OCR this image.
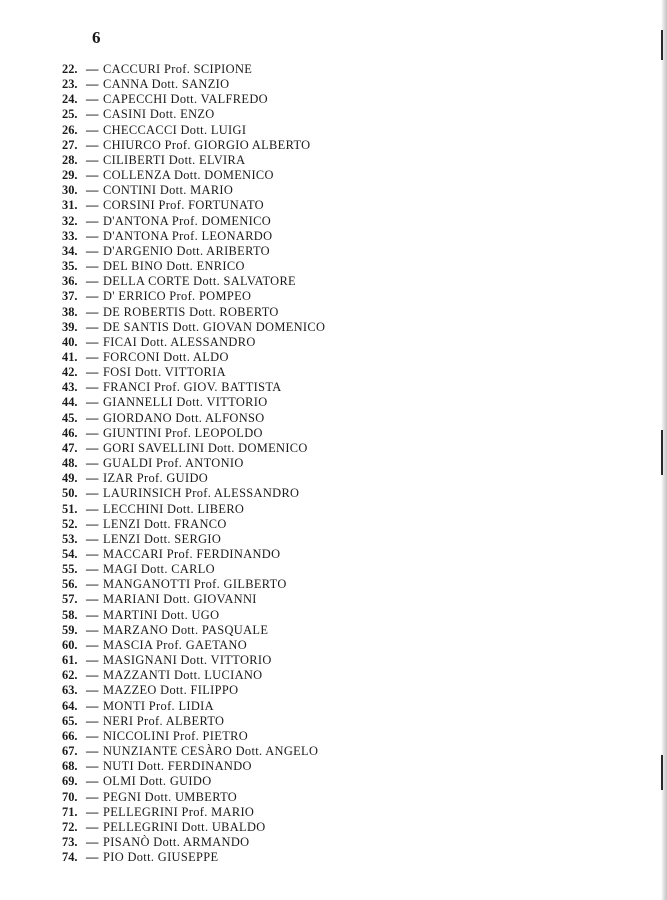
6
22. — CACCURI Prof. SCIPIONE
23. — CANNA Dott. SANZIO
24. — CAPECCHI Dott. VALFREDO
25. — CASINI Dott. ENZO
26. — CHECCACCI Dott. LUIGI
27. — CHIURCO Prof. GIORGIO ALBERTO
28. — CILIBERTI Dott. ELVIRA
29. — COLLENZA Dott. DOMENICO
30. — CONTINI Dott. MARIO
31. — CORSINI Prof. FORTUNATO
32. — D'ANTONA Prof. DOMENICO
33. — D'ANTONA Prof. LEONARDO
34. — D'ARGENIO Dott. ARIBERTO
35. — DEL BINO Dott. ENRICO
36. — DELLA CORTE Dott. SALVATORE
37. — D' ERRICO Prof. POMPEO
38. — DE ROBERTIS Dott. ROBERTO
39. — DE SANTIS Dott. GIOVAN DOMENICO
40. — FICAI Dott. ALESSANDRO
41. — FORCONI Dott. ALDO
42. — FOSI Dott. VITTORIA
43. — FRANCI Prof. GIOV. BATTISTA
44. — GIANNELLI Dott. VITTORIO
45. — GIORDANO Dott. ALFONSO
46. — GIUNTINI Prof. LEOPOLDO
47. — GORI SAVELLINI Dott. DOMENICO
48. — GUALDI Prof. ANTONIO
49. — IZAR Prof. GUIDO
50. — LAURINSICH Prof. ALESSANDRO
51. — LECCHINI Dott. LIBERO
52. — LENZI Dott. FRANCO
53. — LENZI Dott. SERGIO
54. — MACCARI Prof. FERDINANDO
55. — MAGI Dott. CARLO
56. — MANGANOTTI Prof. GILBERTO
57. — MARIANI Dott. GIOVANNI
58. — MARTINI Dott. UGO
59. — MARZANO Dott. PASQUALE
60. — MASCIA Prof. GAETANO
61. — MASIGNANI Dott. VITTORIO
62. — MAZZANTI Dott. LUCIANO
63. — MAZZEO Dott. FILIPPO
64. — MONTI Prof. LIDIA
65. — NERI Prof. ALBERTO
66. — NICCOLINI Prof. PIETRO
67. — NUNZIANTE CESÀRO Dott. ANGELO
68. — NUTI Dott. FERDINANDO
69. — OLMI Dott. GUIDO
70. — PEGNI Dott. UMBERTO
71. — PELLEGRINI Prof. MARIO
72. — PELLEGRINI Dott. UBALDO
73. — PISANÒ Dott. ARMANDO
74. — PIO Dott. GIUSEPPE
